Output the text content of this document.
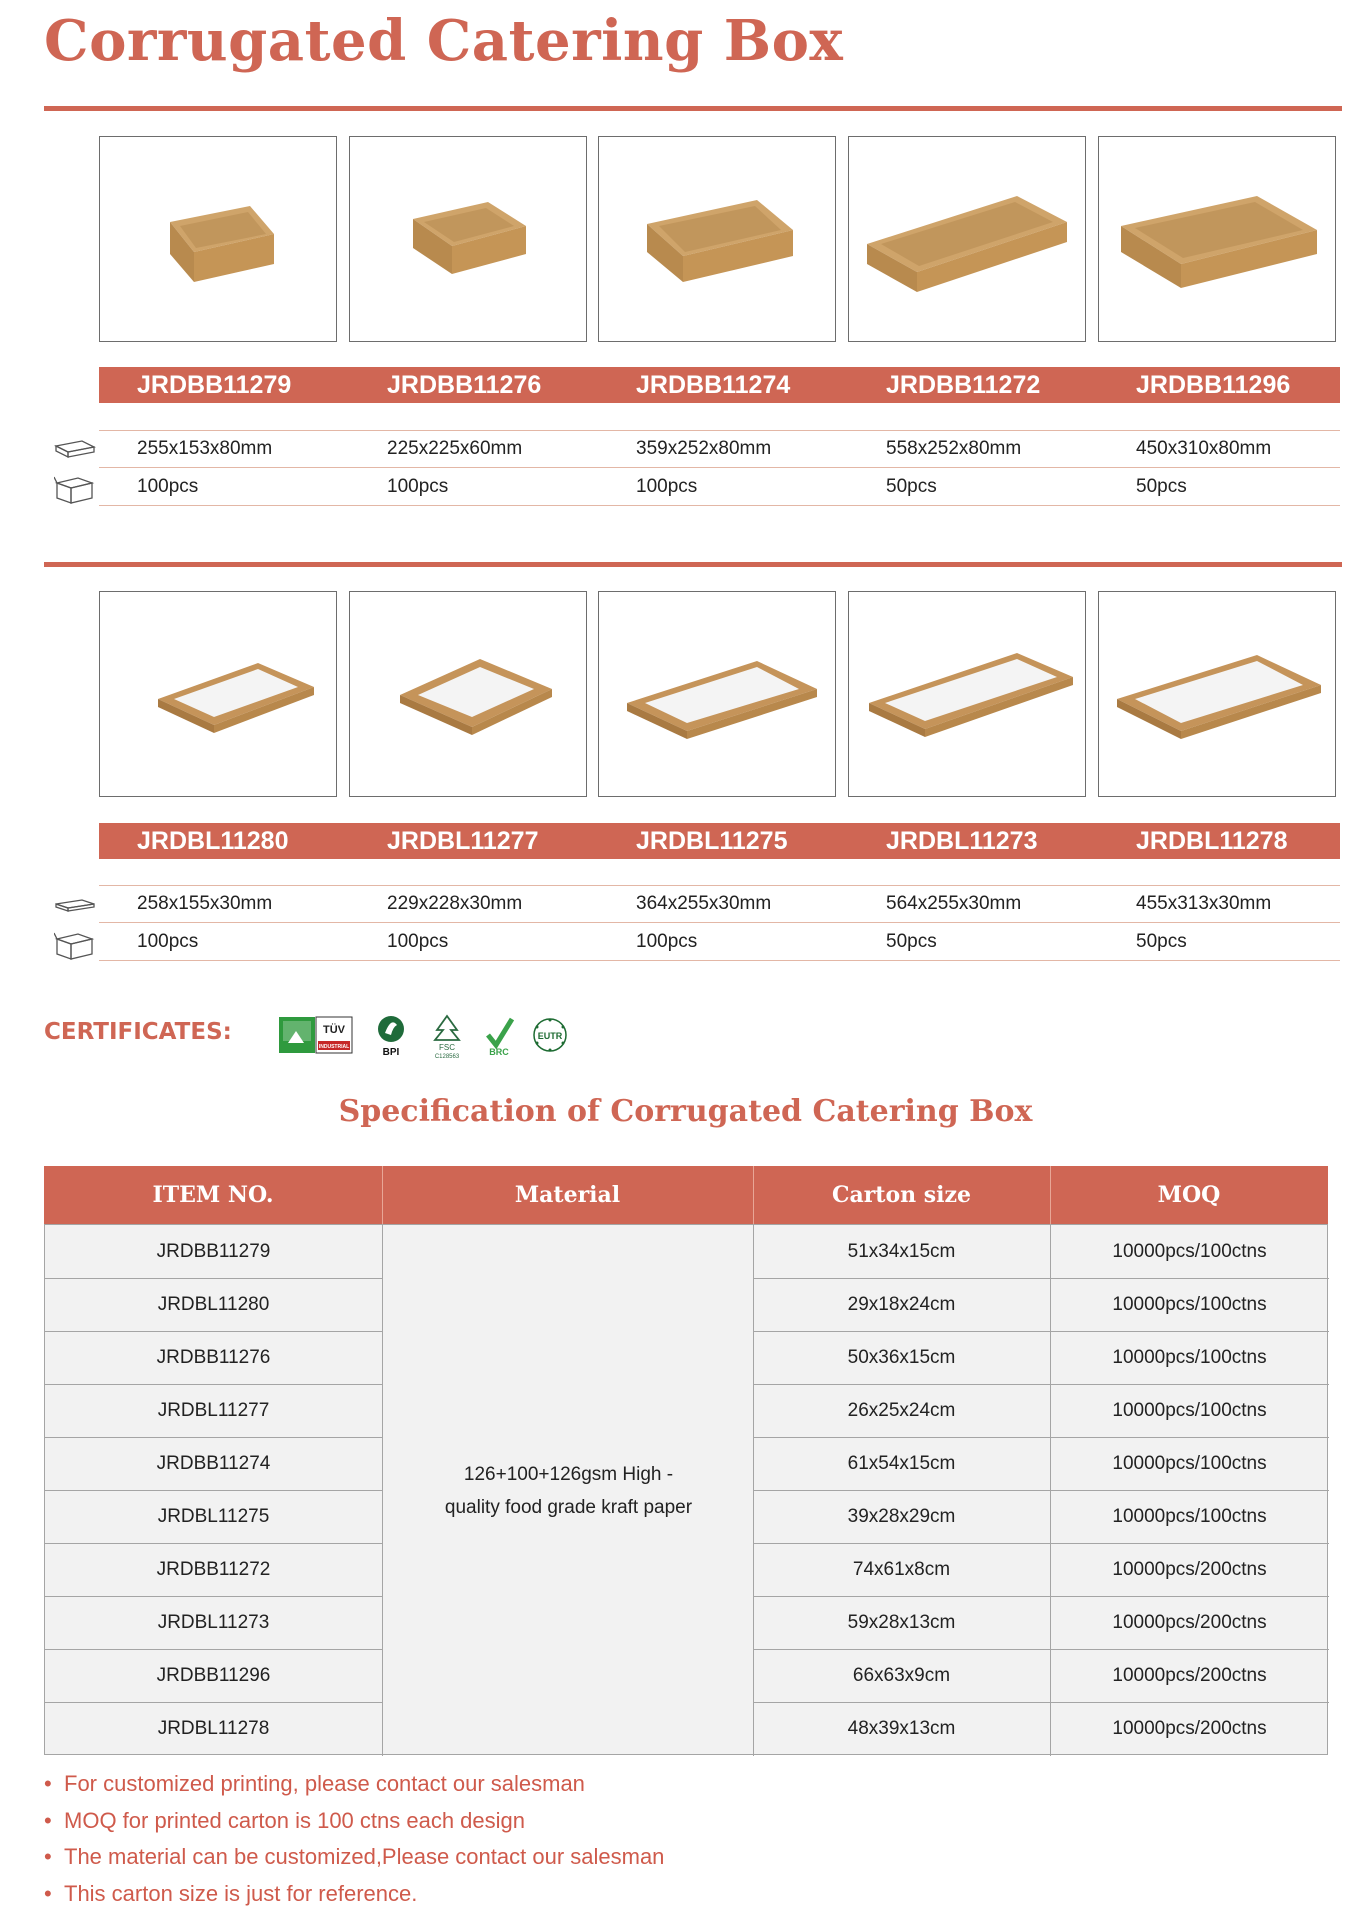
Corrugated Catering Box
JRDBB11279	JRDBB11276	JRDBB11274	JRDBB11272	JRDBB11296
255x153x80mm	225x225x60mm	359x252x80mm	558x252x80mm	450x310x80mm
100pcs	100pcs	100pcs	50pcs	50pcs
JRDBL11280	JRDBL11277	JRDBL11275	JRDBL11273	JRDBL11278
258x155x30mm	229x228x30mm	364x255x30mm	564x255x30mm	455x313x30mm
100pcs	100pcs	100pcs	50pcs	50pcs
CERTIFICATES:	TÜV
INDUSTRIAL	BPI	FSC
C128563	BRC
EUTR
Specification of Corrugated Catering Box
ITEM NO.	Material	Carton size	MOQ
126+100+126gsm High -
quality food grade kraft paper
JRDBB11279	51x34x15cm	10000pcs/100ctns
JRDBL11280	29x18x24cm	10000pcs/100ctns
JRDBB11276	50x36x15cm	10000pcs/100ctns
JRDBL11277	26x25x24cm	10000pcs/100ctns
JRDBB11274	61x54x15cm	10000pcs/100ctns
JRDBL11275	39x28x29cm	10000pcs/100ctns
JRDBB11272	74x61x8cm	10000pcs/200ctns
JRDBL11273	59x28x13cm	10000pcs/200ctns
JRDBB11296	66x63x9cm	10000pcs/200ctns
JRDBL11278	48x39x13cm	10000pcs/200ctns
• For customized printing, please contact our salesman
• MOQ for printed carton is 100 ctns each design
• The material can be customized,Please contact our salesman
• This carton size is just for reference.
